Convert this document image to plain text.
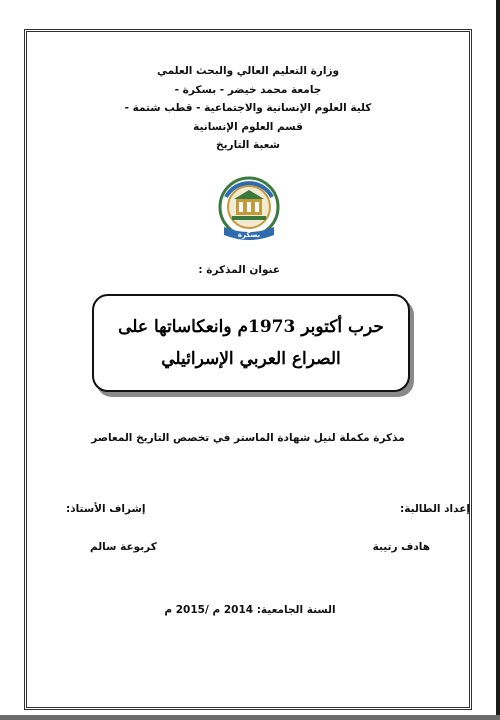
وزارة التعليم العالي والبحث العلمي
جامعة محمد خيضر - بسكرة -
كلية العلوم الإنسانية والاجتماعية - قطب شتمة -
قسم العلوم الإنسانية
شعبة التاريخ
بسكرة
عنوان المذكرة :
حرب أكتوبر 1973م وانعكاساتها على
الصراع العربي الإسرائيلي
مذكرة مكملة لنيل شهادة الماستر في تخصص التاريخ المعاصر
إعداد الطالبة:
هادف رتيبة
إشراف الأستاذ:
كربوعة سالم
السنة الجامعية: 2014 م /2015 م
